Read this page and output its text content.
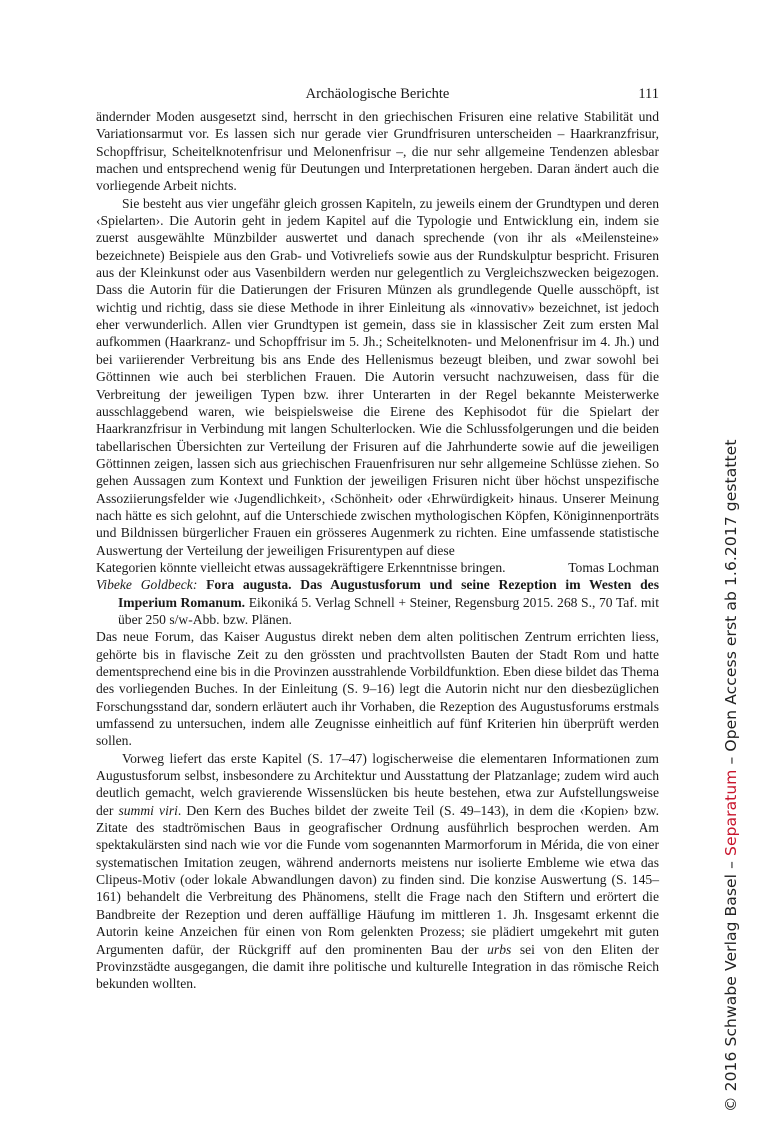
Archäologische Berichte	111

ändernder Moden ausgesetzt sind, herrscht in den griechischen Frisuren eine relative Stabilität und Variationsarmut vor. Es lassen sich nur gerade vier Grundfrisuren unterscheiden – Haarkranzfrisur, Schopffrisur, Scheitelknotenfrisur und Melonenfrisur –, die nur sehr allgemeine Tendenzen ablesbar machen und entsprechend wenig für Deutungen und Interpretationen hergeben. Daran ändert auch die vorliegende Arbeit nichts.

Sie besteht aus vier ungefähr gleich grossen Kapiteln, zu jeweils einem der Grundtypen und deren ‹Spielarten›. Die Autorin geht in jedem Kapitel auf die Typologie und Entwicklung ein, indem sie zuerst ausgewählte Münzbilder auswertet und danach sprechende (von ihr als «Meilensteine» bezeichnete) Beispiele aus den Grab- und Votivreliefs sowie aus der Rundskulptur bespricht. Frisuren aus der Kleinkunst oder aus Vasenbildern werden nur gelegentlich zu Vergleichszwecken beigezogen. Dass die Autorin für die Datierungen der Frisuren Münzen als grundlegende Quelle ausschöpft, ist wichtig und richtig, dass sie diese Methode in ihrer Einleitung als «innovativ» bezeichnet, ist jedoch eher verwunderlich. Allen vier Grundtypen ist gemein, dass sie in klassischer Zeit zum ersten Mal aufkommen (Haarkranz- und Schopffrisur im 5. Jh.; Scheitelknoten- und Melonenfrisur im 4. Jh.) und bei variierender Verbreitung bis ans Ende des Hellenismus bezeugt bleiben, und zwar sowohl bei Göttinnen wie auch bei sterblichen Frauen. Die Autorin versucht nachzuweisen, dass für die Verbreitung der jeweiligen Typen bzw. ihrer Unterarten in der Regel bekannte Meisterwerke ausschlaggebend waren, wie beispielsweise die Eirene des Kephisodot für die Spielart der Haarkranzfrisur in Verbindung mit langen Schulterlocken. Wie die Schlussfolgerungen und die beiden tabellarischen Übersichten zur Verteilung der Frisuren auf die Jahrhunderte sowie auf die jeweiligen Göttinnen zeigen, lassen sich aus griechischen Frauenfrisuren nur sehr allgemeine Schlüsse ziehen. So gehen Aussagen zum Kontext und Funktion der jeweiligen Frisuren nicht über höchst unspezifische Assoziierungsfelder wie ‹Jugendlichkeit›, ‹Schönheit› oder ‹Ehrwürdigkeit› hinaus. Unserer Meinung nach hätte es sich gelohnt, auf die Unterschiede zwischen mythologischen Köpfen, Königinnenporträts und Bildnissen bürgerlicher Frauen ein grösseres Augenmerk zu richten. Eine umfassende statistische Auswertung der Verteilung der jeweiligen Frisurentypen auf diese

Kategorien könnte vielleicht etwas aussagekräftigere Erkenntnisse bringen.	Tomas Lochman

Vibeke Goldbeck: Fora augusta. Das Augustusforum und seine Rezeption im Westen des Imperium Romanum. Eikoniká 5. Verlag Schnell + Steiner, Regensburg 2015. 268 S., 70 Taf. mit über 250 s/w-Abb. bzw. Plänen.

Das neue Forum, das Kaiser Augustus direkt neben dem alten politischen Zentrum errichten liess, gehörte bis in flavische Zeit zu den grössten und prachtvollsten Bauten der Stadt Rom und hatte dementsprechend eine bis in die Provinzen ausstrahlende Vorbildfunktion. Eben diese bildet das Thema des vorliegenden Buches. In der Einleitung (S. 9–16) legt die Autorin nicht nur den diesbezüglichen Forschungsstand dar, sondern erläutert auch ihr Vorhaben, die Rezeption des Augustusforums erstmals umfassend zu untersuchen, indem alle Zeugnisse einheitlich auf fünf Kriterien hin überprüft werden sollen.

Vorweg liefert das erste Kapitel (S. 17–47) logischerweise die elementaren Informationen zum Augustusforum selbst, insbesondere zu Architektur und Ausstattung der Platzanlage; zudem wird auch deutlich gemacht, welch gravierende Wissenslücken bis heute bestehen, etwa zur Aufstellungsweise der summi viri. Den Kern des Buches bildet der zweite Teil (S. 49–143), in dem die ‹Kopien› bzw. Zitate des stadtrömischen Baus in geografischer Ordnung ausführlich besprochen werden. Am spektakulärsten sind nach wie vor die Funde vom sogenannten Marmorforum in Mérida, die von einer systematischen Imitation zeugen, während andernorts meistens nur isolierte Embleme wie etwa das Clipeus-Motiv (oder lokale Abwandlungen davon) zu finden sind. Die konzise Auswertung (S. 145–161) behandelt die Verbreitung des Phänomens, stellt die Frage nach den Stiftern und erörtert die Bandbreite der Rezeption und deren auffällige Häufung im mittleren 1. Jh. Insgesamt erkennt die Autorin keine Anzeichen für einen von Rom gelenkten Prozess; sie plädiert umgekehrt mit guten Argumenten dafür, der Rückgriff auf den prominenten Bau der urbs sei von den Eliten der Provinzstädte ausgegangen, die damit ihre politische und kulturelle Integration in das römische Reich bekunden wollten.	© 2016 Schwabe Verlag Basel – Separatum – Open Access erst ab 1.6.2017 gestattet
